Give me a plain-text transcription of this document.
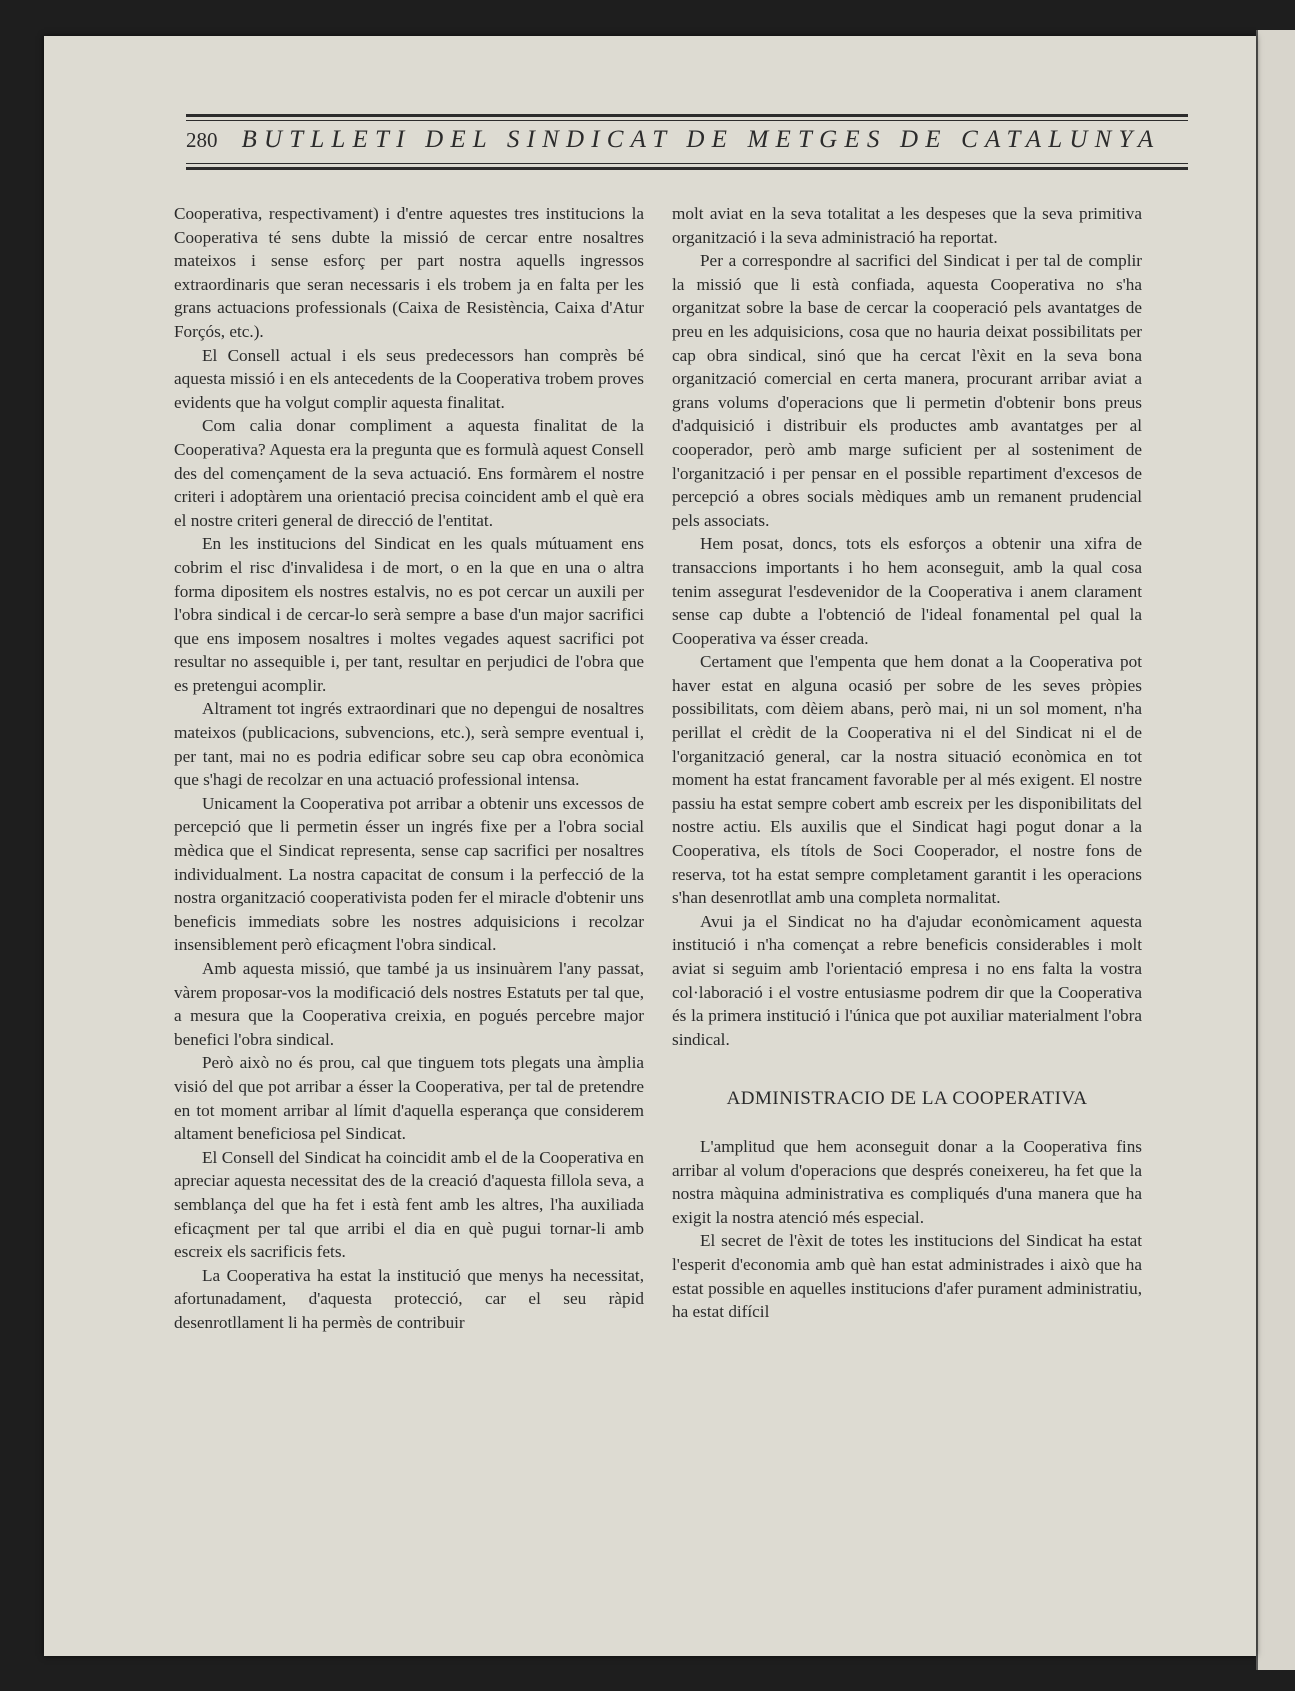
280 BUTLLETI DEL SINDICAT DE METGES DE CATALUNYA

Cooperativa, respectivament) i d'entre aquestes tres institucions la Cooperativa té sens dubte la missió de cercar entre nosaltres mateixos i sense esforç per part nostra aquells ingressos extraordinaris que seran necessaris i els trobem ja en falta per les grans actuacions professionals (Caixa de Resistència, Caixa d'Atur Forçós, etc.).

El Consell actual i els seus predecessors han comprès bé aquesta missió i en els antecedents de la Cooperativa trobem proves evidents que ha volgut complir aquesta finalitat.

Com calia donar compliment a aquesta finalitat de la Cooperativa? Aquesta era la pregunta que es formulà aquest Consell des del començament de la seva actuació. Ens formàrem el nostre criteri i adoptàrem una orientació precisa coincident amb el què era el nostre criteri general de direcció de l'entitat.

En les institucions del Sindicat en les quals mútuament ens cobrim el risc d'invalidesa i de mort, o en la que en una o altra forma dipositem els nostres estalvis, no es pot cercar un auxili per l'obra sindical i de cercar-lo serà sempre a base d'un major sacrifici que ens imposem nosaltres i moltes vegades aquest sacrifici pot resultar no assequible i, per tant, resultar en perjudici de l'obra que es pretengui acomplir.

Altrament tot ingrés extraordinari que no depengui de nosaltres mateixos (publicacions, subvencions, etc.), serà sempre eventual i, per tant, mai no es podria edificar sobre seu cap obra econòmica que s'hagi de recolzar en una actuació professional intensa.

Unicament la Cooperativa pot arribar a obtenir uns excessos de percepció que li permetin ésser un ingrés fixe per a l'obra social mèdica que el Sindicat representa, sense cap sacrifici per nosaltres individualment. La nostra capacitat de consum i la perfecció de la nostra organització cooperativista poden fer el miracle d'obtenir uns beneficis immediats sobre les nostres adquisicions i recolzar insensiblement però eficaçment l'obra sindical.

Amb aquesta missió, que també ja us insinuàrem l'any passat, vàrem proposar-vos la modificació dels nostres Estatuts per tal que, a mesura que la Cooperativa creixia, en pogués percebre major benefici l'obra sindical.

Però això no és prou, cal que tinguem tots plegats una àmplia visió del que pot arribar a ésser la Cooperativa, per tal de pretendre en tot moment arribar al límit d'aquella esperança que considerem altament beneficiosa pel Sindicat.

El Consell del Sindicat ha coincidit amb el de la Cooperativa en apreciar aquesta necessitat des de la creació d'aquesta fillola seva, a semblança del que ha fet i està fent amb les altres, l'ha auxiliada eficaçment per tal que arribi el dia en què pugui tornar-li amb escreix els sacrificis fets.

La Cooperativa ha estat la institució que menys ha necessitat, afortunadament, d'aquesta protecció, car el seu ràpid desenrotllament li ha permès de contribuir

molt aviat en la seva totalitat a les despeses que la seva primitiva organització i la seva administració ha reportat.

Per a correspondre al sacrifici del Sindicat i per tal de complir la missió que li està confiada, aquesta Cooperativa no s'ha organitzat sobre la base de cercar la cooperació pels avantatges de preu en les adquisicions, cosa que no hauria deixat possibilitats per cap obra sindical, sinó que ha cercat l'èxit en la seva bona organització comercial en certa manera, procurant arribar aviat a grans volums d'operacions que li permetin d'obtenir bons preus d'adquisició i distribuir els productes amb avantatges per al cooperador, però amb marge suficient per al sosteniment de l'organització i per pensar en el possible repartiment d'excesos de percepció a obres socials mèdiques amb un remanent prudencial pels associats.

Hem posat, doncs, tots els esforços a obtenir una xifra de transaccions importants i ho hem aconseguit, amb la qual cosa tenim assegurat l'esdevenidor de la Cooperativa i anem clarament sense cap dubte a l'obtenció de l'ideal fonamental pel qual la Cooperativa va ésser creada.

Certament que l'empenta que hem donat a la Cooperativa pot haver estat en alguna ocasió per sobre de les seves pròpies possibilitats, com dèiem abans, però mai, ni un sol moment, n'ha perillat el crèdit de la Cooperativa ni el del Sindicat ni el de l'organització general, car la nostra situació econòmica en tot moment ha estat francament favorable per al més exigent. El nostre passiu ha estat sempre cobert amb escreix per les disponibilitats del nostre actiu. Els auxilis que el Sindicat hagi pogut donar a la Cooperativa, els títols de Soci Cooperador, el nostre fons de reserva, tot ha estat sempre completament garantit i les operacions s'han desenrotllat amb una completa normalitat.

Avui ja el Sindicat no ha d'ajudar econòmicament aquesta institució i n'ha començat a rebre beneficis considerables i molt aviat si seguim amb l'orientació empresa i no ens falta la vostra col·laboració i el vostre entusiasme podrem dir que la Cooperativa és la primera institució i l'única que pot auxiliar materialment l'obra sindical.

ADMINISTRACIO DE LA COOPERATIVA

L'amplitud que hem aconseguit donar a la Cooperativa fins arribar al volum d'operacions que després coneixereu, ha fet que la nostra màquina administrativa es compliqués d'una manera que ha exigit la nostra atenció més especial.

El secret de l'èxit de totes les institucions del Sindicat ha estat l'esperit d'economia amb què han estat administrades i això que ha estat possible en aquelles institucions d'afer purament administratiu, ha estat difícil
